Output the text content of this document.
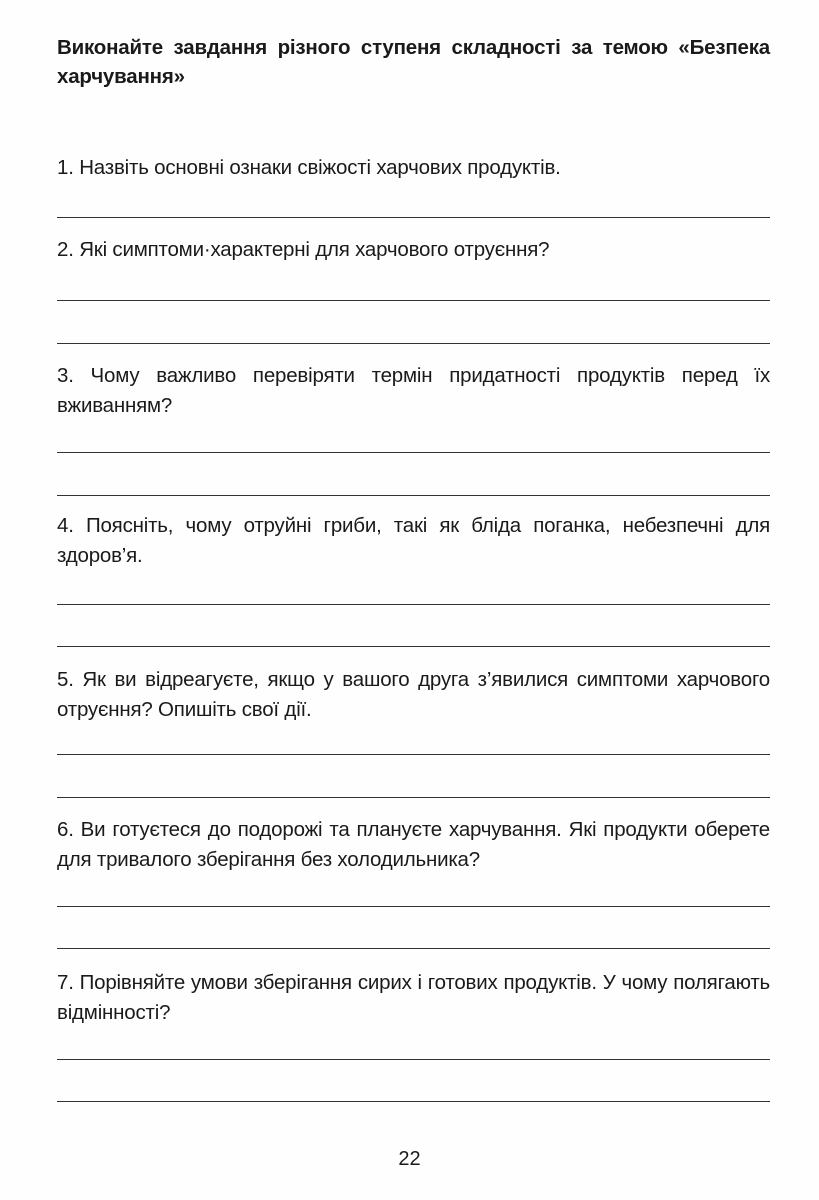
Виконайте завдання різного ступеня складності за темою «Безпека харчування»
1. Назвіть основні ознаки свіжості харчових продуктів.
2. Які симптоми·характерні для харчового отруєння?
3. Чому важливо перевіряти термін придатності продуктів перед їх вживанням?
4. Поясніть, чому отруйні гриби, такі як бліда поганка, небезпечні для здоров’я.
5. Як ви відреагуєте, якщо у вашого друга з’явилися симптоми харчового отруєння? Опишіть свої дії.
6. Ви готуєтеся до подорожі та плануєте харчування. Які продукти оберете для тривалого зберігання без холодильника?
7. Порівняйте умови зберігання сирих і готових продуктів. У чому полягають відмінності?
22
